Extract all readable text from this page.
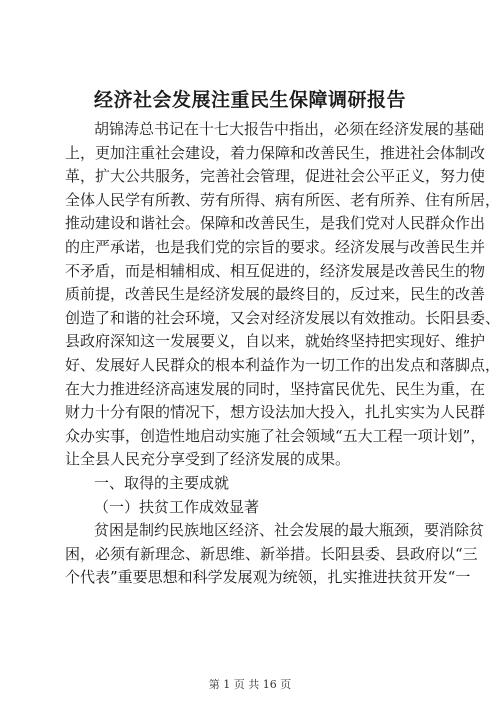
经济社会发展注重民生保障调研报告
胡锦涛总书记在十七大报告中指出，必须在经济发展的基础
上，更加注重社会建设，着力保障和改善民生，推进社会体制改
革，扩大公共服务，完善社会管理，促进社会公平正义，努力使
全体人民学有所教、劳有所得、病有所医、老有所养、住有所居，
推动建设和谐社会。保障和改善民生，是我们党对人民群众作出
的庄严承诺，也是我们党的宗旨的要求。经济发展与改善民生并
不矛盾，而是相辅相成、相互促进的，经济发展是改善民生的物
质前提，改善民生是经济发展的最终目的，反过来，民生的改善
创造了和谐的社会环境，又会对经济发展以有效推动。长阳县委、
县政府深知这一发展要义，自以来，就始终坚持把实现好、维护
好、发展好人民群众的根本利益作为一切工作的出发点和落脚点，
在大力推进经济高速发展的同时，坚持富民优先、民生为重，在
财力十分有限的情况下，想方设法加大投入，扎扎实实为人民群
众办实事，创造性地启动实施了社会领域“五大工程一项计划”，
让全县人民充分享受到了经济发展的成果。
一、取得的主要成就
（一）扶贫工作成效显著
贫困是制约民族地区经济、社会发展的最大瓶颈，要消除贫
困，必须有新理念、新思维、新举措。长阳县委、县政府以“三
个代表”重要思想和科学发展观为统领，扎实推进扶贫开发“一
第 1 页 共 16 页
